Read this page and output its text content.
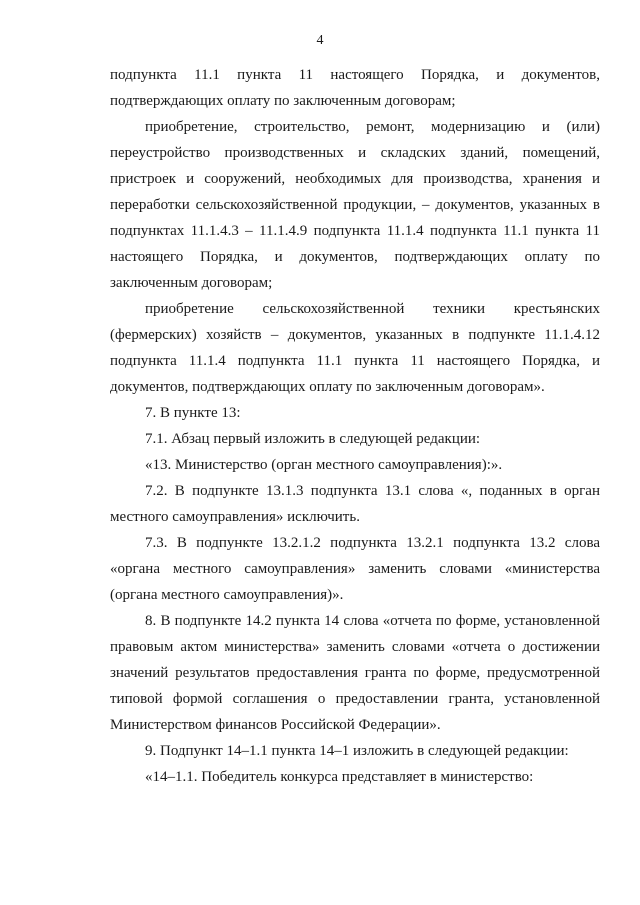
4

подпункта 11.1 пункта 11 настоящего Порядка, и документов, подтверждающих оплату по заключенным договорам;

приобретение, строительство, ремонт, модернизацию и (или) переустройство производственных и складских зданий, помещений, пристроек и сооружений, необходимых для производства, хранения и переработки сельскохозяйственной продукции, – документов, указанных в подпунктах 11.1.4.3 – 11.1.4.9 подпункта 11.1.4 подпункта 11.1 пункта 11 настоящего Порядка, и документов, подтверждающих оплату по заключенным договорам;

приобретение сельскохозяйственной техники крестьянских (фермерских) хозяйств – документов, указанных в подпункте 11.1.4.12 подпункта 11.1.4 подпункта 11.1 пункта 11 настоящего Порядка, и документов, подтверждающих оплату по заключенным договорам».

7. В пункте 13:

7.1. Абзац первый изложить в следующей редакции:

«13. Министерство (орган местного самоуправления):».

7.2. В подпункте 13.1.3 подпункта 13.1 слова «, поданных в орган местного самоуправления» исключить.

7.3. В подпункте 13.2.1.2 подпункта 13.2.1 подпункта 13.2 слова «органа местного самоуправления» заменить словами «министерства (органа местного самоуправления)».

8. В подпункте 14.2 пункта 14 слова «отчета по форме, установленной правовым актом министерства» заменить словами «отчета о достижении значений результатов предоставления гранта по форме, предусмотренной типовой формой соглашения о предоставлении гранта, установленной Министерством финансов Российской Федерации».

9. Подпункт 14–1.1 пункта 14–1 изложить в следующей редакции:

«14–1.1. Победитель конкурса представляет в министерство:
